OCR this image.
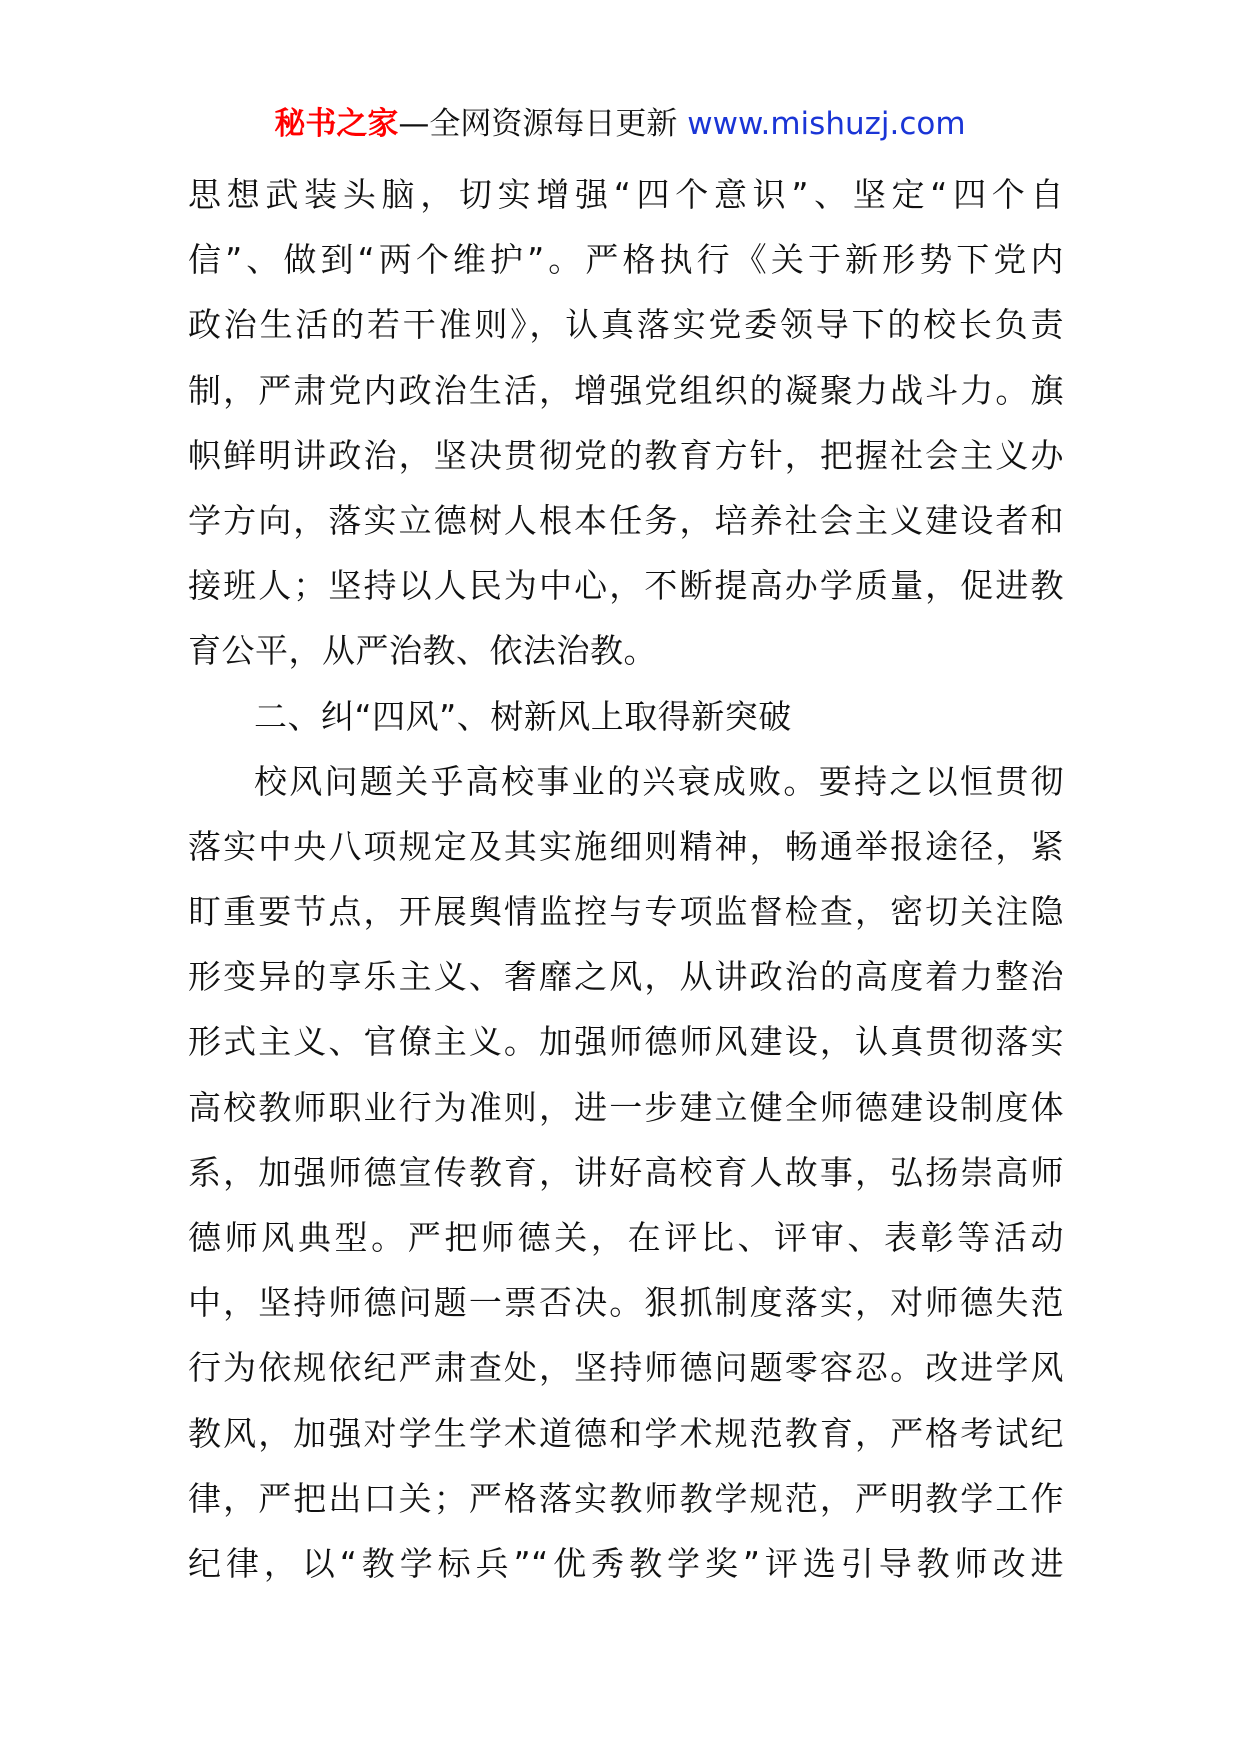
秘书之家—全网资源每日更新 www.mishuzj.com
思想武装头脑，切实增强“四个意识”、坚定“四个自
信”、做到“两个维护”。严格执行《关于新形势下党内
政治生活的若干准则》，认真落实党委领导下的校长负责
制，严肃党内政治生活，增强党组织的凝聚力战斗力。旗
帜鲜明讲政治，坚决贯彻党的教育方针，把握社会主义办
学方向，落实立德树人根本任务，培养社会主义建设者和
接班人；坚持以人民为中心，不断提高办学质量，促进教
育公平，从严治教、依法治教。
二、纠“四风”、树新风上取得新突破
校风问题关乎高校事业的兴衰成败。要持之以恒贯彻
落实中央八项规定及其实施细则精神，畅通举报途径，紧
盯重要节点，开展舆情监控与专项监督检查，密切关注隐
形变异的享乐主义、奢靡之风，从讲政治的高度着力整治
形式主义、官僚主义。加强师德师风建设，认真贯彻落实
高校教师职业行为准则，进一步建立健全师德建设制度体
系，加强师德宣传教育，讲好高校育人故事，弘扬崇高师
德师风典型。严把师德关，在评比、评审、表彰等活动
中，坚持师德问题一票否决。狠抓制度落实，对师德失范
行为依规依纪严肃查处，坚持师德问题零容忍。改进学风
教风，加强对学生学术道德和学术规范教育，严格考试纪
律，严把出口关；严格落实教师教学规范，严明教学工作
纪律，以“教学标兵”“优秀教学奖”评选引导教师改进
